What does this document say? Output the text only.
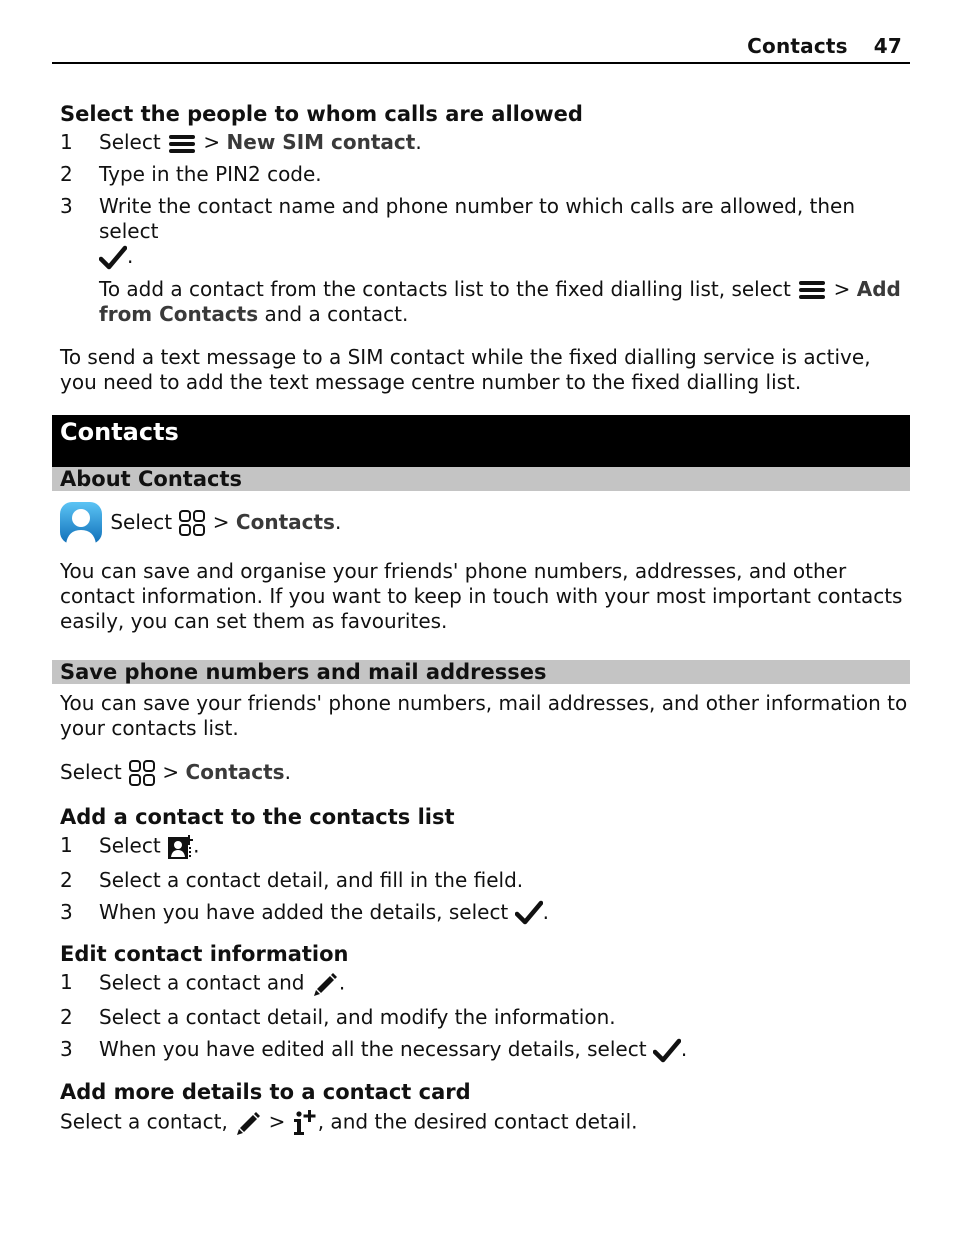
Contacts 47
Select the people to whom calls are allowed
1 Select  > New SIM contact.
2 Type in the PIN2 code.
3 Write the contact name and phone number to which calls are allowed, then select
.
To add a contact from the contacts list to the fixed dialling list, select  > Add from Contacts and a contact.

To send a text message to a SIM contact while the fixed dialling service is active, you need to add the text message centre number to the fixed dialling list.

Contacts
About Contacts
Select  > Contacts.

You can save and organise your friends' phone numbers, addresses, and other contact information. If you want to keep in touch with your most important contacts easily, you can set them as favourites.

Save phone numbers and mail addresses

You can save your friends' phone numbers, mail addresses, and other information to your contacts list.

Select  > Contacts.
Add a contact to the contacts list
1 Select .
2 Select a contact detail, and fill in the field.
3 When you have added the details, select .
Edit contact information
1 Select a contact and .
2 Select a contact detail, and modify the information.
3 When you have edited all the necessary details, select .
Add more details to a contact card
Select a contact,  > , and the desired contact detail.
